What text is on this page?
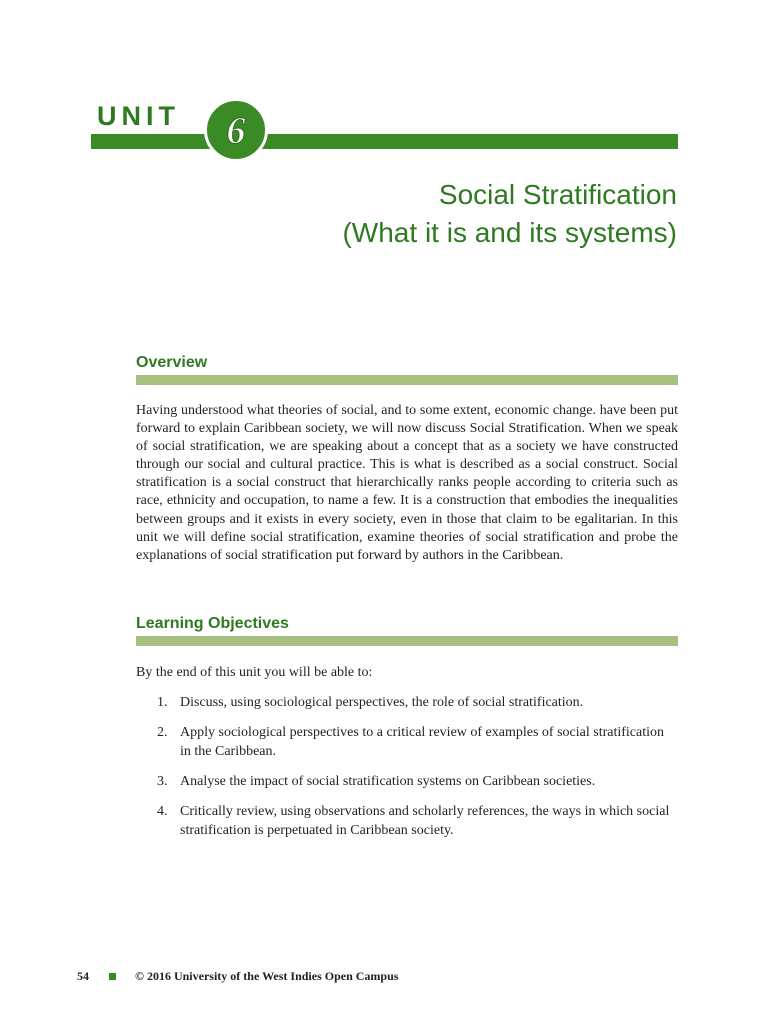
UNIT 6
Social Stratification
(What it is and its systems)
Overview

Having understood what theories of social, and to some extent, economic change. have been put forward to explain Caribbean society, we will now discuss Social Stratification. When we speak of social stratification, we are speaking about a concept that as a society we have constructed through our social and cultural practice. This is what is described as a social construct. Social stratification is a social construct that hierarchically ranks people according to criteria such as race, ethnicity and occupation, to name a few. It is a construction that embodies the inequalities between groups and it exists in every society, even in those that claim to be egalitarian. In this unit we will define social stratification, examine theories of social stratification and probe the explanations of social stratification put forward by authors in the Caribbean.

Learning Objectives

By the end of this unit you will be able to:

1. Discuss, using sociological perspectives, the role of social stratification.
2. Apply sociological perspectives to a critical review of examples of social stratification in the Caribbean.
3. Analyse the impact of social stratification systems on Caribbean societies.
4. Critically review, using observations and scholarly references, the ways in which social stratification is perpetuated in Caribbean society.
54	© 2016 University of the West Indies Open Campus
